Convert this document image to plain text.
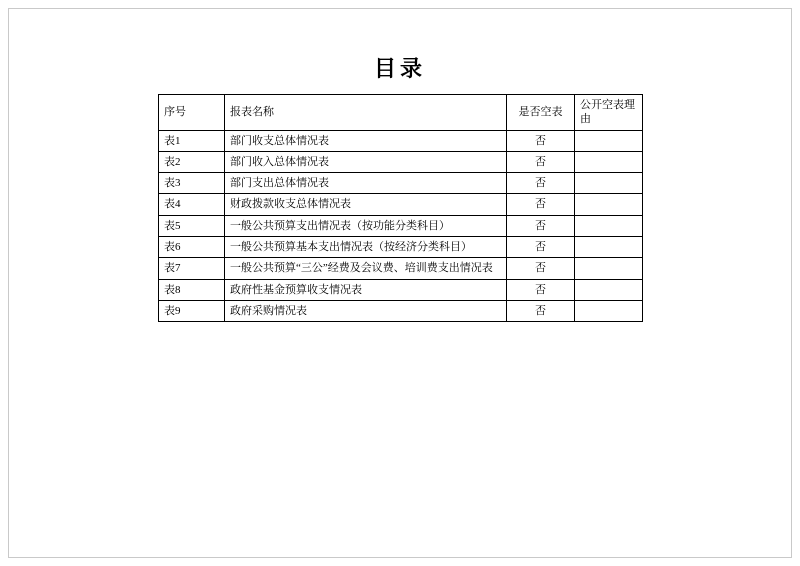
目录
序号	报表名称	是否空表	公开空表理由
表1	部门收支总体情况表	否	
表2	部门收入总体情况表	否	
表3	部门支出总体情况表	否	
表4	财政拨款收支总体情况表	否	
表5	一般公共预算支出情况表（按功能分类科目）	否	
表6	一般公共预算基本支出情况表（按经济分类科目）	否	
表7	一般公共预算“三公”经费及会议费、培训费支出情况表	否	
表8	政府性基金预算收支情况表	否	
表9	政府采购情况表	否	
